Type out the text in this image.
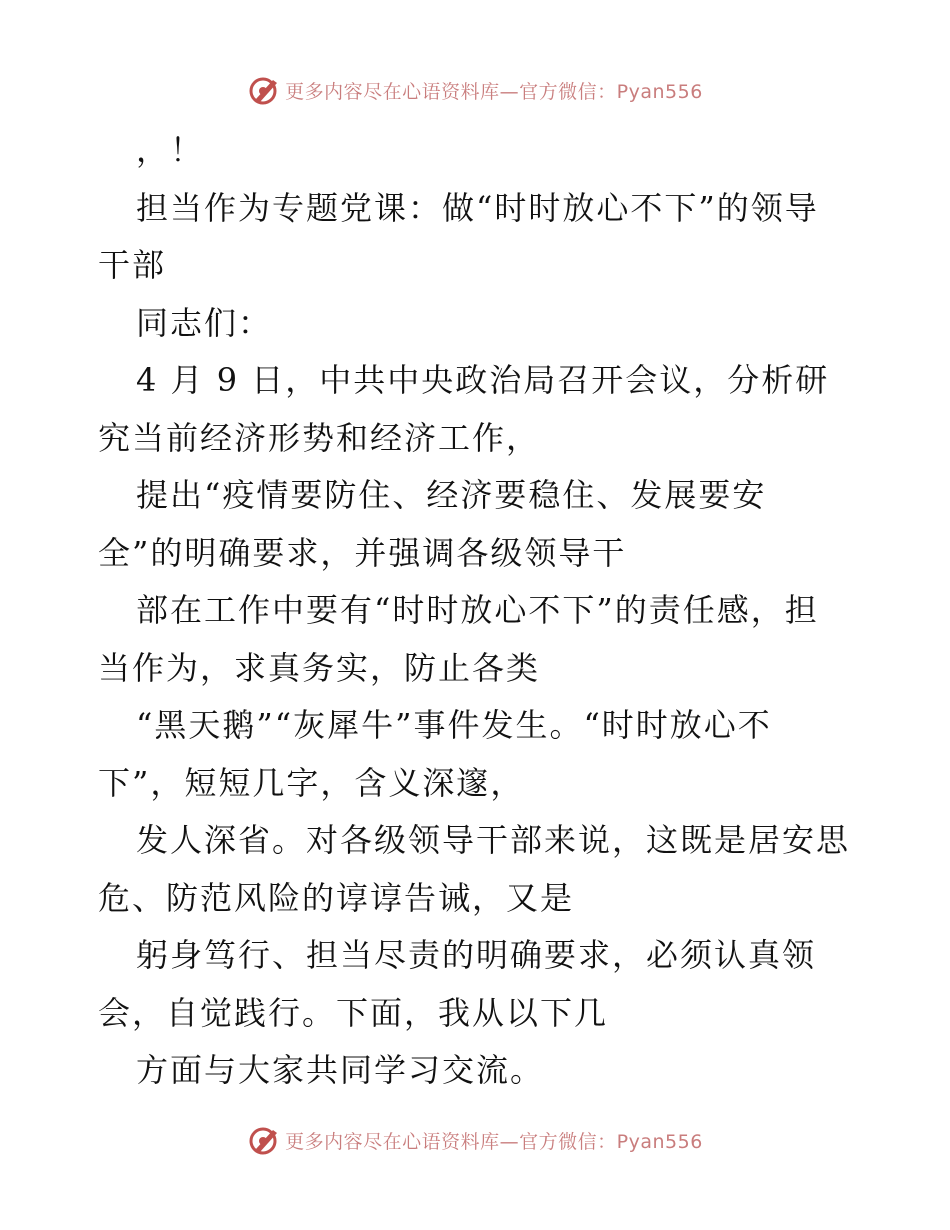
更多内容尽在心语资料库—官方微信：Pyan556

，！

担当作为专题党课：做“时时放心不下”的领导

干部

同志们：

4 月 9 日，中共中央政治局召开会议，分析研

究当前经济形势和经济工作，

提出“疫情要防住、经济要稳住、发展要安

全”的明确要求，并强调各级领导干

部在工作中要有“时时放心不下”的责任感，担

当作为，求真务实，防止各类

“黑天鹅”“灰犀牛”事件发生。“时时放心不

下”，短短几字，含义深邃，

发人深省。对各级领导干部来说，这既是居安思

危、防范风险的谆谆告诫，又是

躬身笃行、担当尽责的明确要求，必须认真领

会，自觉践行。下面，我从以下几

方面与大家共同学习交流。

更多内容尽在心语资料库—官方微信：Pyan556
